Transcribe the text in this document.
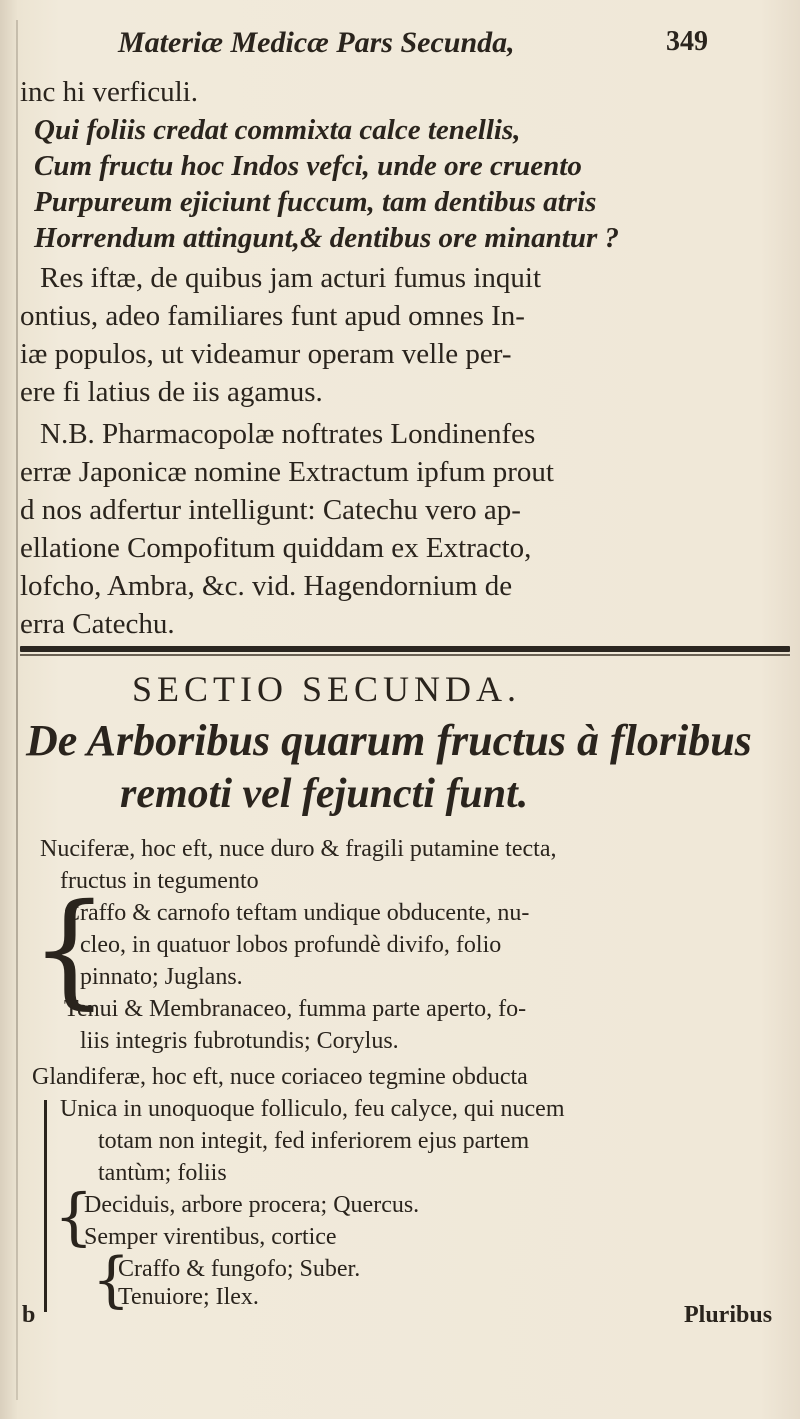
Materiæ Medicæ Pars Secunda,	349
inc hi verficuli.
Qui foliis credat commixta calce tenellis,
Cum fructu hoc Indos vefci, unde ore cruento
Purpureum ejiciunt fuccum, tam dentibus atris
Horrendum attingunt,& dentibus ore minantur ?
Res iftæ, de quibus jam acturi fumus inquit
ontius, adeo familiares funt apud omnes In-
iæ populos, ut videamur operam velle per-
ere fi latius de iis agamus.
N.B. Pharmacopolæ noftrates Londinenfes
erræ Japonicæ nomine Extractum ipfum prout
d nos adfertur intelligunt: Catechu vero ap-
ellatione Compofitum quiddam ex Extracto,
lofcho, Ambra, &c. vid. Hagendornium de
erra Catechu.
SECTIO SECUNDA.
De Arboribus quarum fructus à floribus
remoti vel fejuncti funt.
Nuciferæ, hoc eft, nuce duro & fragili putamine tecta,
fructus in tegumento
{
Craffo & carnofo teftam undique obducente, nu-
cleo, in quatuor lobos profundè divifo, folio
pinnato; Juglans.
Tenui & Membranaceo, fumma parte aperto, fo-
liis integris fubrotundis; Corylus.
Glandiferæ, hoc eft, nuce coriaceo tegmine obducta
Unica in unoquoque folliculo, feu calyce, qui nucem
totam non integit, fed inferiorem ejus partem
tantùm; foliis
{
Deciduis, arbore procera; Quercus.
Semper virentibus, cortice
{
Craffo & fungofo; Suber.
Tenuiore; Ilex.
b	Pluribus
